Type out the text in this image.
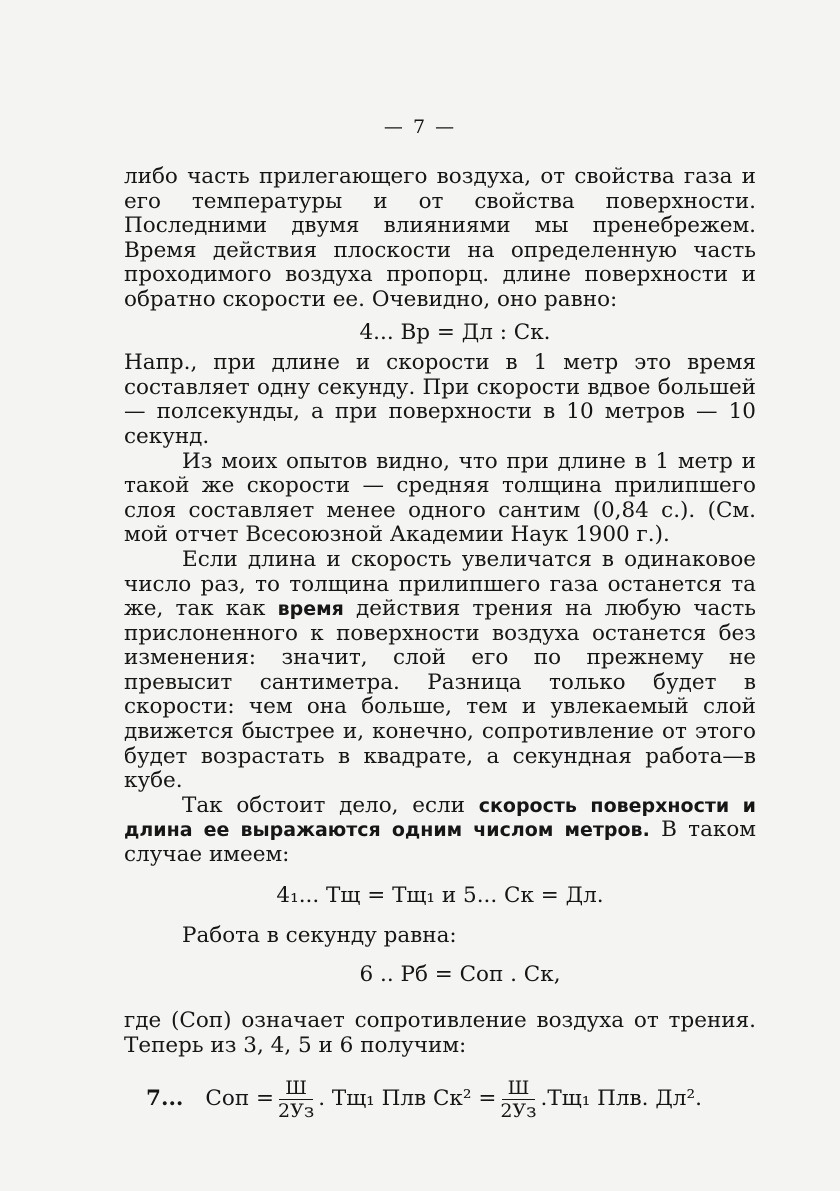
— 7 —

либо часть прилегающего воздуха, от свойства газа и его температуры и от свойства поверхности. Последними двумя влияниями мы пренебрежем. Время действия плоскости на определенную часть проходимого воздуха пропорц. длине поверхности и обратно скорости ее. Очевидно, оно равно:

4... Вр = Дл : Ск.

Напр., при длине и скорости в 1 метр это время составляет одну секунду. При скорости вдвое большей— полсекунды, а при поверхности в 10 метров — 10 секунд.

Из моих опытов видно, что при длине в 1 метр и такой же скорости — средняя толщина прилипшего слоя составляет менее одного сантим (0,84 с.). (См. мой отчет Всесоюзной Академии Наук 1900 г.).

Если длина и скорость увеличатся в одинаковое число раз, то толщина прилипшего газа останется та же, так как время действия трения на любую часть прислоненного к поверхности воздуха останется без изменения: значит, слой его по прежнему не превысит сантиметра. Разница только будет в скорости: чем она больше, тем и увлекаемый слой движется быстрее и, конечно, сопротивление от этого будет возрастать в квадрате, а секундная работа—в кубе.

Так обстоит дело, если скорость поверхности и длина ее выражаются одним числом метров. В таком случае имеем:

4₁... Тщ = Тщ₁ и 5... Ск = Дл.

Работа в секунду равна:

6 .. Рб = Соп . Ск,

где (Соп) означает сопротивление воздуха от трения. Теперь из 3, 4, 5 и 6 получим:

7... Соп = $\frac{Ш}{2Уз}$ . Тщ₁ Плв $Ск^2 = \frac{Ш}{2Уз} .Тщ_1$ Плв. Дл².
